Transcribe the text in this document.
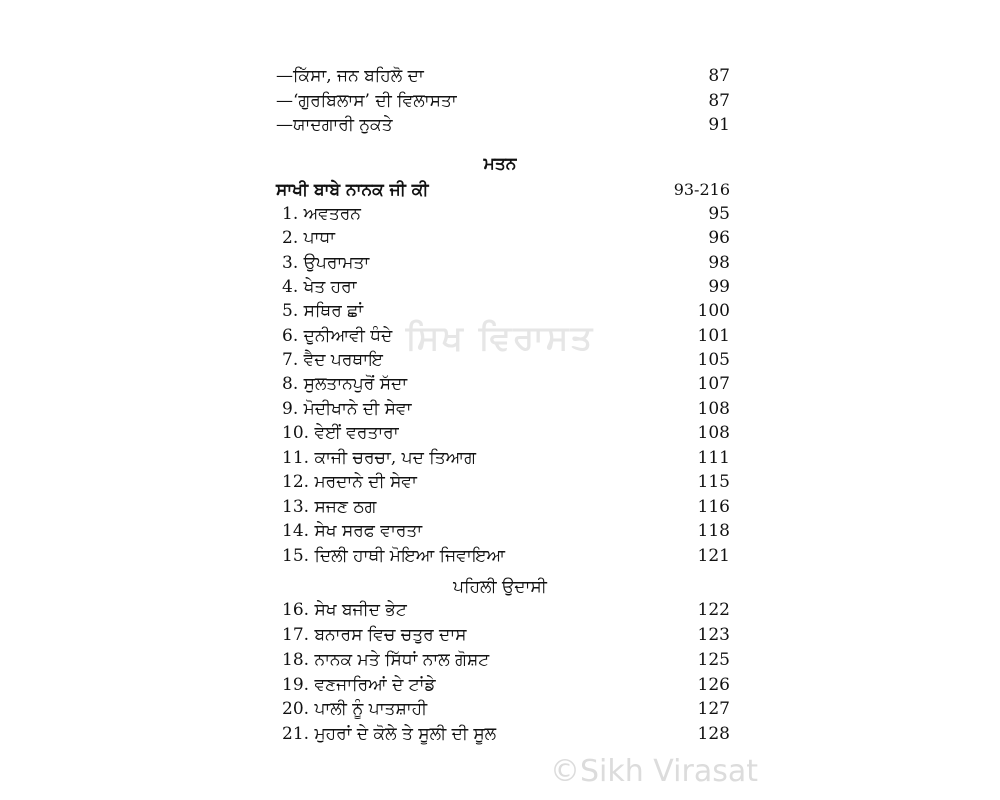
ਸਿਖ ਵਿਰਾਸਤ
—ਕਿੱਸਾ, ਜਨ ਬਹਿਲੋ ਦਾ	87
—‘ਗੁਰਬਿਲਾਸ’ ਦੀ ਵਿਲਾਸਤਾ	87
—ਯਾਦਗਾਰੀ ਨੁਕਤੇ	91
ਮਤਨ
ਸਾਖੀ ਬਾਬੇ ਨਾਨਕ ਜੀ ਕੀ	93-216
1. ਅਵਤਰਨ	95
2. ਪਾਧਾ	96
3. ਉਪਰਾਮਤਾ	98
4. ਖੇਤ ਹਰਾ	99
5. ਸਥਿਰ ਛਾਂ	100
6. ਦੁਨੀਆਵੀ ਧੰਦੇ	101
7. ਵੈਦ ਪਰਥਾਇ	105
8. ਸੁਲਤਾਨਪੁਰੋਂ ਸੱਦਾ	107
9. ਮੋਦੀਖਾਨੇ ਦੀ ਸੇਵਾ	108
10. ਵੇਈਂ ਵਰਤਾਰਾ	108
11. ਕਾਜੀ ਚਰਚਾ, ਪਦ ਤਿਆਗ	111
12. ਮਰਦਾਨੇ ਦੀ ਸੇਵਾ	115
13. ਸਜਣ ਠਗ	116
14. ਸੇਖ ਸਰਫ ਵਾਰਤਾ	118
15. ਦਿਲੀ ਹਾਥੀ ਮੋਇਆ ਜਿਵਾਇਆ	121
ਪਹਿਲੀ ਉਦਾਸੀ
16. ਸੇਖ ਬਜੀਦ ਭੇਟ	122
17. ਬਨਾਰਸ ਵਿਚ ਚਤੁਰ ਦਾਸ	123
18. ਨਾਨਕ ਮਤੇ ਸਿੱਧਾਂ ਨਾਲ ਗੋਸ਼ਟ	125
19. ਵਣਜਾਰਿਆਂ ਦੇ ਟਾਂਡੇ	126
20. ਪਾਲੀ ਨੂੰ ਪਾਤਸ਼ਾਹੀ	127
21. ਮੁਹਰਾਂ ਦੇ ਕੋਲੇ ਤੇ ਸੂਲੀ ਦੀ ਸੂਲ	128
©Sikh Virasat
